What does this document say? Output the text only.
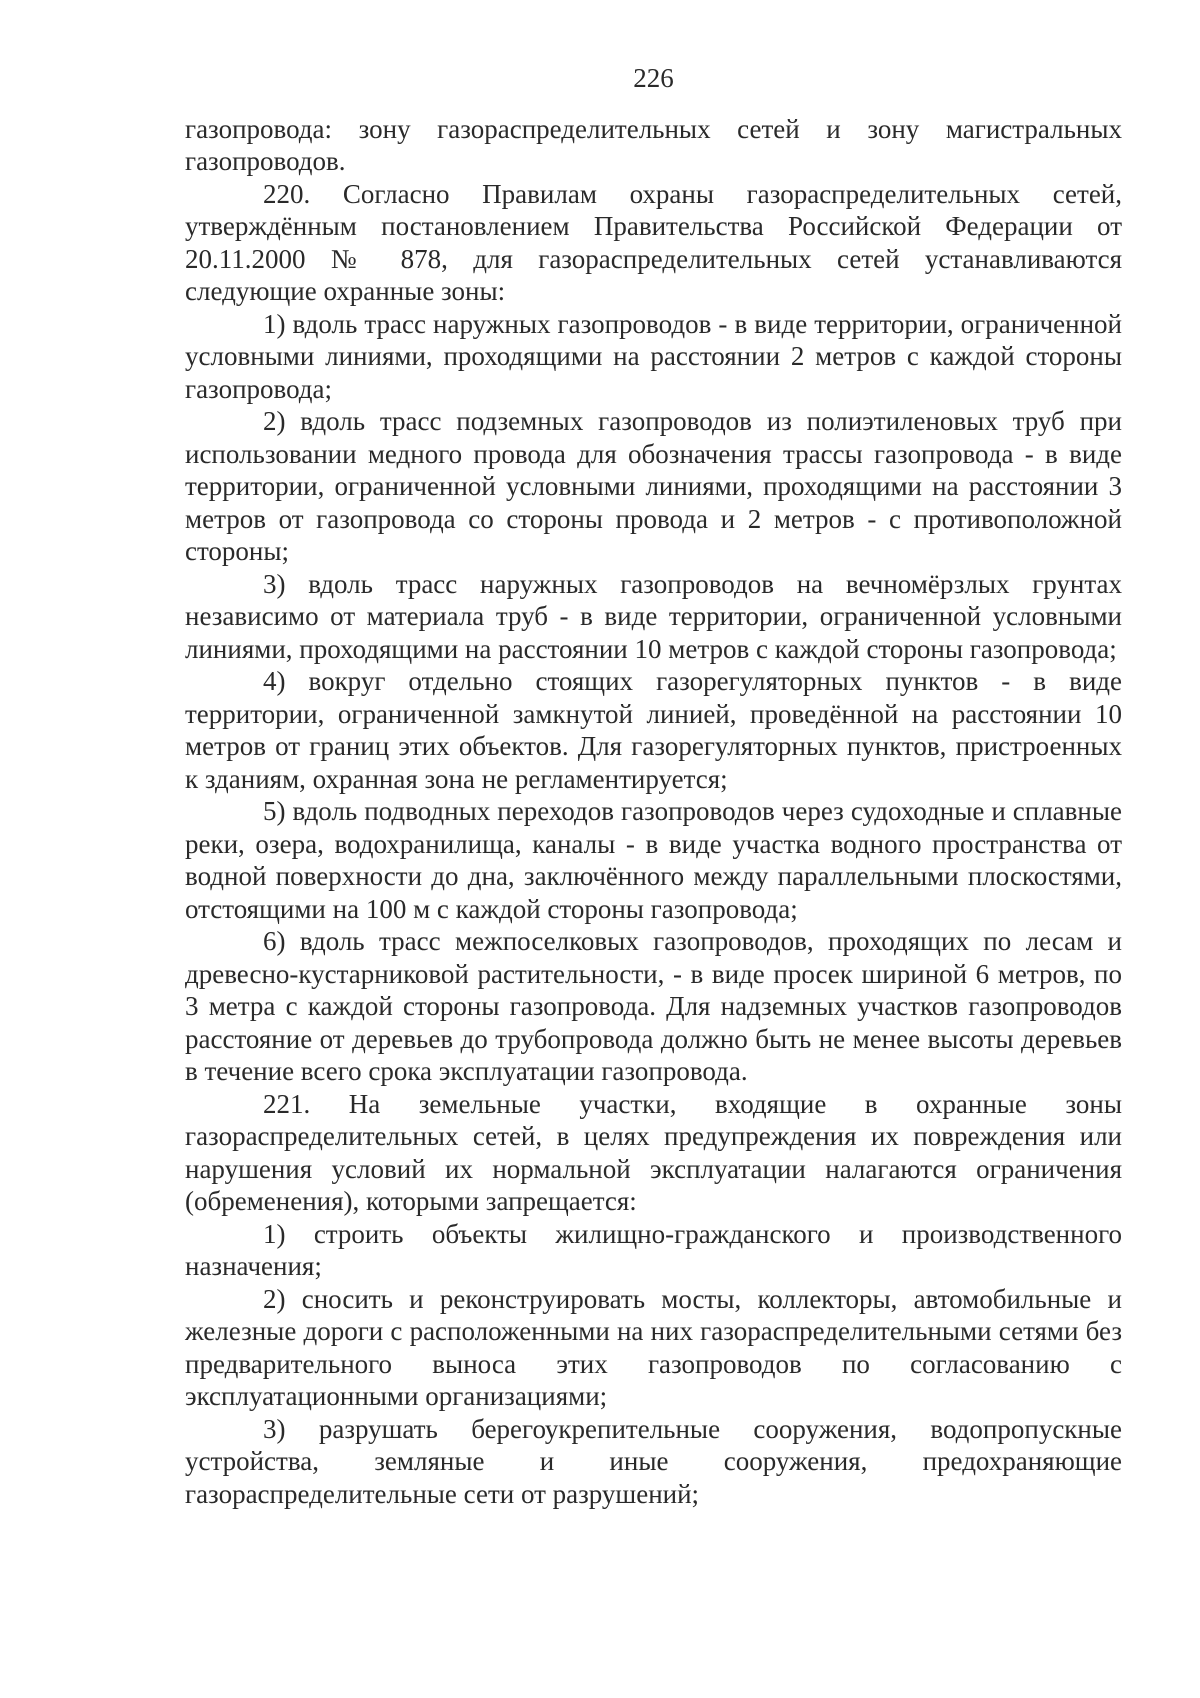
226

газопровода: зону газораспределительных сетей и зону магистральных газопроводов.

220. Согласно Правилам охраны газораспределительных сетей, утверждённым постановлением Правительства Российской Федерации от 20.11.2000 № 878, для газораспределительных сетей устанавливаются следующие охранные зоны:

1) вдоль трасс наружных газопроводов - в виде территории, ограниченной условными линиями, проходящими на расстоянии 2 метров с каждой стороны газопровода;

2) вдоль трасс подземных газопроводов из полиэтиленовых труб при использовании медного провода для обозначения трассы газопровода - в виде территории, ограниченной условными линиями, проходящими на расстоянии 3 метров от газопровода со стороны провода и 2 метров - с противоположной стороны;

3) вдоль трасс наружных газопроводов на вечномёрзлых грунтах независимо от материала труб - в виде территории, ограниченной условными линиями, проходящими на расстоянии 10 метров с каждой стороны газопровода;

4) вокруг отдельно стоящих газорегуляторных пунктов - в виде территории, ограниченной замкнутой линией, проведённой на расстоянии 10 метров от границ этих объектов. Для газорегуляторных пунктов, пристроенных к зданиям, охранная зона не регламентируется;

5) вдоль подводных переходов газопроводов через судоходные и сплавные реки, озера, водохранилища, каналы - в виде участка водного пространства от водной поверхности до дна, заключённого между параллельными плоскостями, отстоящими на 100 м с каждой стороны газопровода;

6) вдоль трасс межпоселковых газопроводов, проходящих по лесам и древесно-кустарниковой растительности, - в виде просек шириной 6 метров, по 3 метра с каждой стороны газопровода. Для надземных участков газопроводов расстояние от деревьев до трубопровода должно быть не менее высоты деревьев в течение всего срока эксплуатации газопровода.

221. На земельные участки, входящие в охранные зоны газораспределительных сетей, в целях предупреждения их повреждения или нарушения условий их нормальной эксплуатации налагаются ограничения (обременения), которыми запрещается:

1) строить объекты жилищно-гражданского и производственного назначения;

2) сносить и реконструировать мосты, коллекторы, автомобильные и железные дороги с расположенными на них газораспределительными сетями без предварительного выноса этих газопроводов по согласованию с эксплуатационными организациями;

3) разрушать берегоукрепительные сооружения, водопропускные устройства, земляные и иные сооружения, предохраняющие газораспределительные сети от разрушений;
